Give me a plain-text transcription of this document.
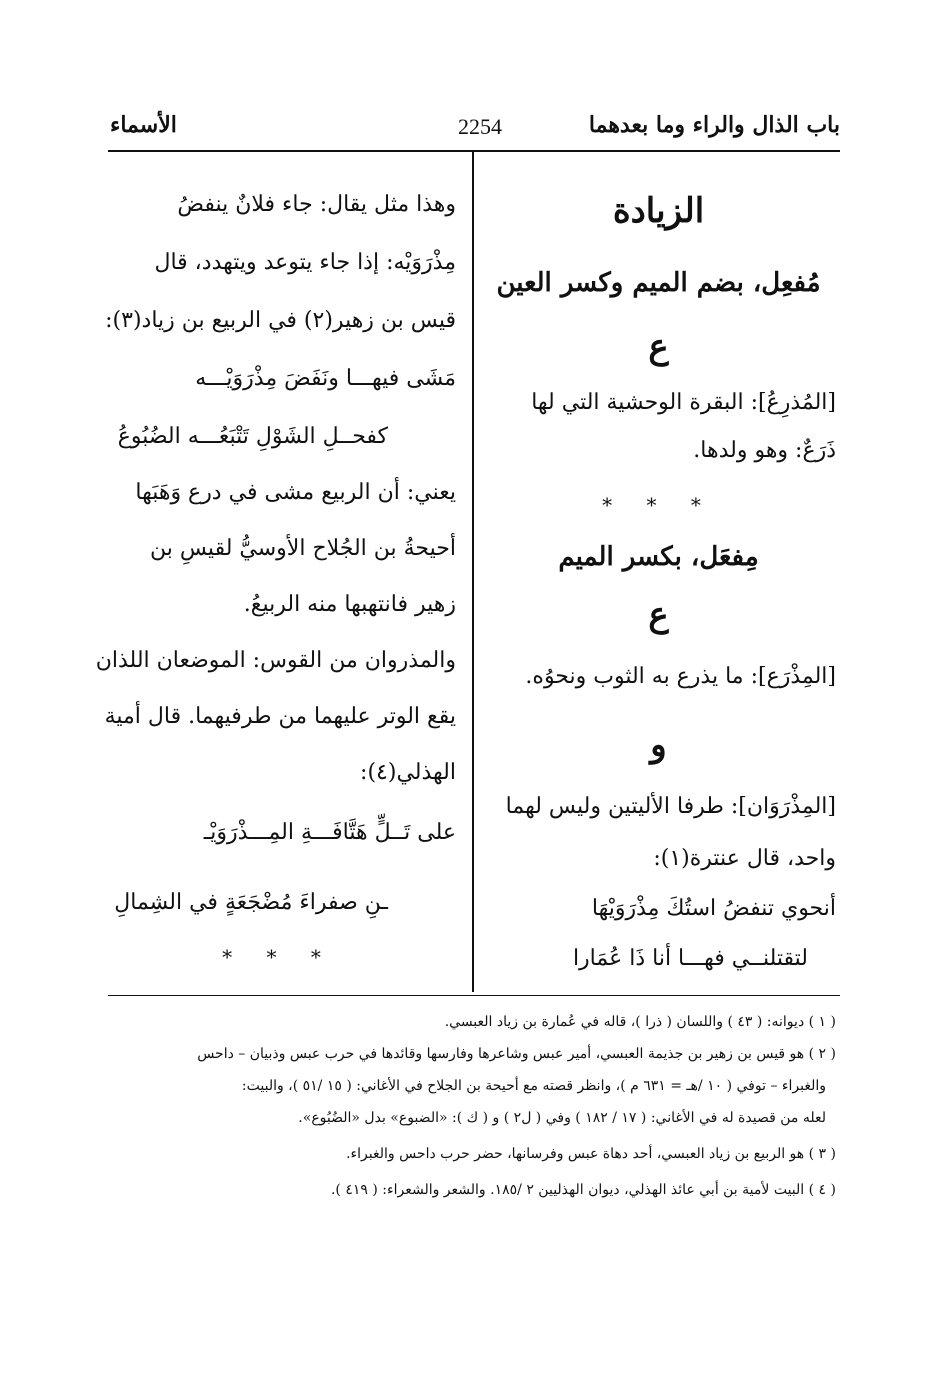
باب الذال والراء وما بعدهما
2254
الأسماء
الزيادة
مُفعِل، بضم الميم وكسر العين
ع
[المُذرِعُ]: البقرة الوحشية التي لها
ذَرَعٌ: وهو ولدها.
* * *
مِفعَل، بكسر الميم
ع
[المِذْرَع]: ما يذرع به الثوب ونحوُه.
و
[المِذْرَوَان]: طرفا الأليتين وليس لهما
واحد، قال عنترة(١):
أنحوي تنفضُ استُكَ مِذْرَوَيْهَا
لتقتلنــي فهـــا أنا ذَا عُمَارا
وهذا مثل يقال: جاء فلانٌ ينفضُ
مِذْرَوَيْه: إذا جاء يتوعد ويتهدد، قال
قيس بن زهير(٢) في الربيع بن زياد(٣):
مَشَى فيهـــا ونَفَضَ مِذْرَوَيْـــه
كفحــلِ الشَوْلِ تَتْبَعُـــه الضُبُوعُ
يعني: أن الربيع مشى في درع وَهَبَها
أحيحةُ بن الجُلاح الأوسيُّ لقيسِ بن
زهير فانتهبها منه الربيعُ.
والمذروان من القوس: الموضعان اللذان
يقع الوتر عليهما من طرفيهما. قال أمية
الهذلي(٤):
على تَــلٍّ هَتَّافَـــةِ المِـــذْرَوَيْـ
ـنِ صفراءَ مُضْجَعَةٍ في الشِمالِ
* * *
( ١ ) ديوانه: ( ٤٣ ) واللسان ( ذرا )، قاله في عُمارة بن زياد العبسي.
( ٢ ) هو قيس بن زهير بن جذيمة العبسي، أمير عبس وشاعرها وفارسها وقائدها في حرب عبس وذبيان – داحس
والغبراء – توفي ( ١٠ /هـ = ٦٣١ م )، وانظر قصته مع أحيحة بن الجلاح في الأغاني: ( ١٥ /٥١ )، والبيت:
لعله من قصيدة له في الأغاني: ( ١٧ / ١٨٢ ) وفي ( ل٢ ) و ( ك ): «الضبوع» بدل «الضُبُوع».
( ٣ ) هو الربيع بن زياد العبسي، أحد دهاة عبس وفرسانها، حضر حرب داحس والغبراء.
( ٤ ) البيت لأمية بن أبي عائذ الهذلي، ديوان الهذليين ٢ /١٨٥. والشعر والشعراء: ( ٤١٩ ).
